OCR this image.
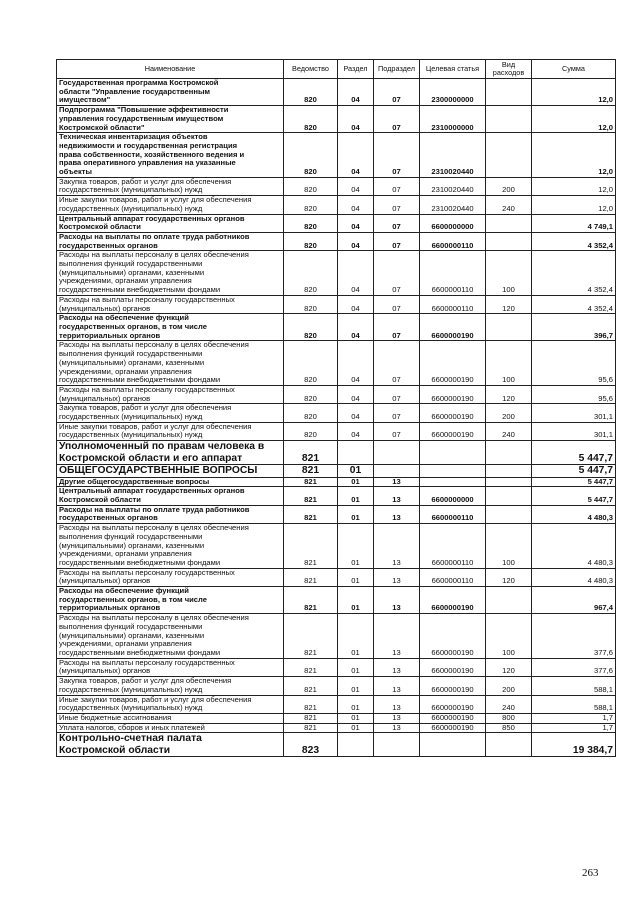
Наименование	Ведомство	Раздел	Подраздел	Целевая статья	Вид расходов	Сумма

Государственная программа Костромской
области "Управление государственным
имуществом"	820	04	07	2300000000		12,0

Подпрограмма "Повышение эффективности
управления государственным имуществом
Костромской области"	820	04	07	2310000000		12,0

Техническая инвентаризация объектов
недвижимости и государственная регистрация
права собственности, хозяйственного ведения и
права оперативного управления на указанные
объекты	820	04	07	2310020440		12,0

Закупка товаров, работ и услуг для обеспечения
государственных (муниципальных) нужд	820	04	07	2310020440	200	12,0

Иные закупки товаров, работ и услуг для обеспечения
государственных (муниципальных) нужд	820	04	07	2310020440	240	12,0

Центральный аппарат государственных органов
Костромской области	820	04	07	6600000000		4 749,1

Расходы на выплаты по оплате труда работников
государственных органов	820	04	07	6600000110		4 352,4

Расходы на выплаты персоналу в целях обеспечения
выполнения функций государственными
(муниципальными) органами, казенными
учреждениями, органами управления
государственными внебюджетными фондами	820	04	07	6600000110	100	4 352,4

Расходы на выплаты персоналу государственных
(муниципальных) органов	820	04	07	6600000110	120	4 352,4

Расходы на обеспечение функций
государственных органов, в том числе
территориальных органов	820	04	07	6600000190		396,7

Расходы на выплаты персоналу в целях обеспечения
выполнения функций государственными
(муниципальными) органами, казенными
учреждениями, органами управления
государственными внебюджетными фондами	820	04	07	6600000190	100	95,6

Расходы на выплаты персоналу государственных
(муниципальных) органов	820	04	07	6600000190	120	95,6

Закупка товаров, работ и услуг для обеспечения
государственных (муниципальных) нужд	820	04	07	6600000190	200	301,1

Иные закупки товаров, работ и услуг для обеспечения
государственных (муниципальных) нужд	820	04	07	6600000190	240	301,1

Уполномоченный по правам человека в
Костромской области и его аппарат	821					5 447,7

ОБЩЕГОСУДАРСТВЕННЫЕ ВОПРОСЫ	821	01				5 447,7

Другие общегосударственные вопросы	821	01	13			5 447,7

Центральный аппарат государственных органов
Костромской области	821	01	13	6600000000		5 447,7

Расходы на выплаты по оплате труда работников
государственных органов	821	01	13	6600000110		4 480,3

Расходы на выплаты персоналу в целях обеспечения
выполнения функций государственными
(муниципальными) органами, казенными
учреждениями, органами управления
государственными внебюджетными фондами	821	01	13	6600000110	100	4 480,3

Расходы на выплаты персоналу государственных
(муниципальных) органов	821	01	13	6600000110	120	4 480,3

Расходы на обеспечение функций
государственных органов, в том числе
территориальных органов	821	01	13	6600000190		967,4

Расходы на выплаты персоналу в целях обеспечения
выполнения функций государственными
(муниципальными) органами, казенными
учреждениями, органами управления
государственными внебюджетными фондами	821	01	13	6600000190	100	377,6

Расходы на выплаты персоналу государственных
(муниципальных) органов	821	01	13	6600000190	120	377,6

Закупка товаров, работ и услуг для обеспечения
государственных (муниципальных) нужд	821	01	13	6600000190	200	588,1

Иные закупки товаров, работ и услуг для обеспечения
государственных (муниципальных) нужд	821	01	13	6600000190	240	588,1

Иные бюджетные ассигнования	821	01	13	6600000190	800	1,7

Уплата налогов, сборов и иных платежей	821	01	13	6600000190	850	1,7

Контрольно-счетная палата
Костромской области	823					19 384,7
263
